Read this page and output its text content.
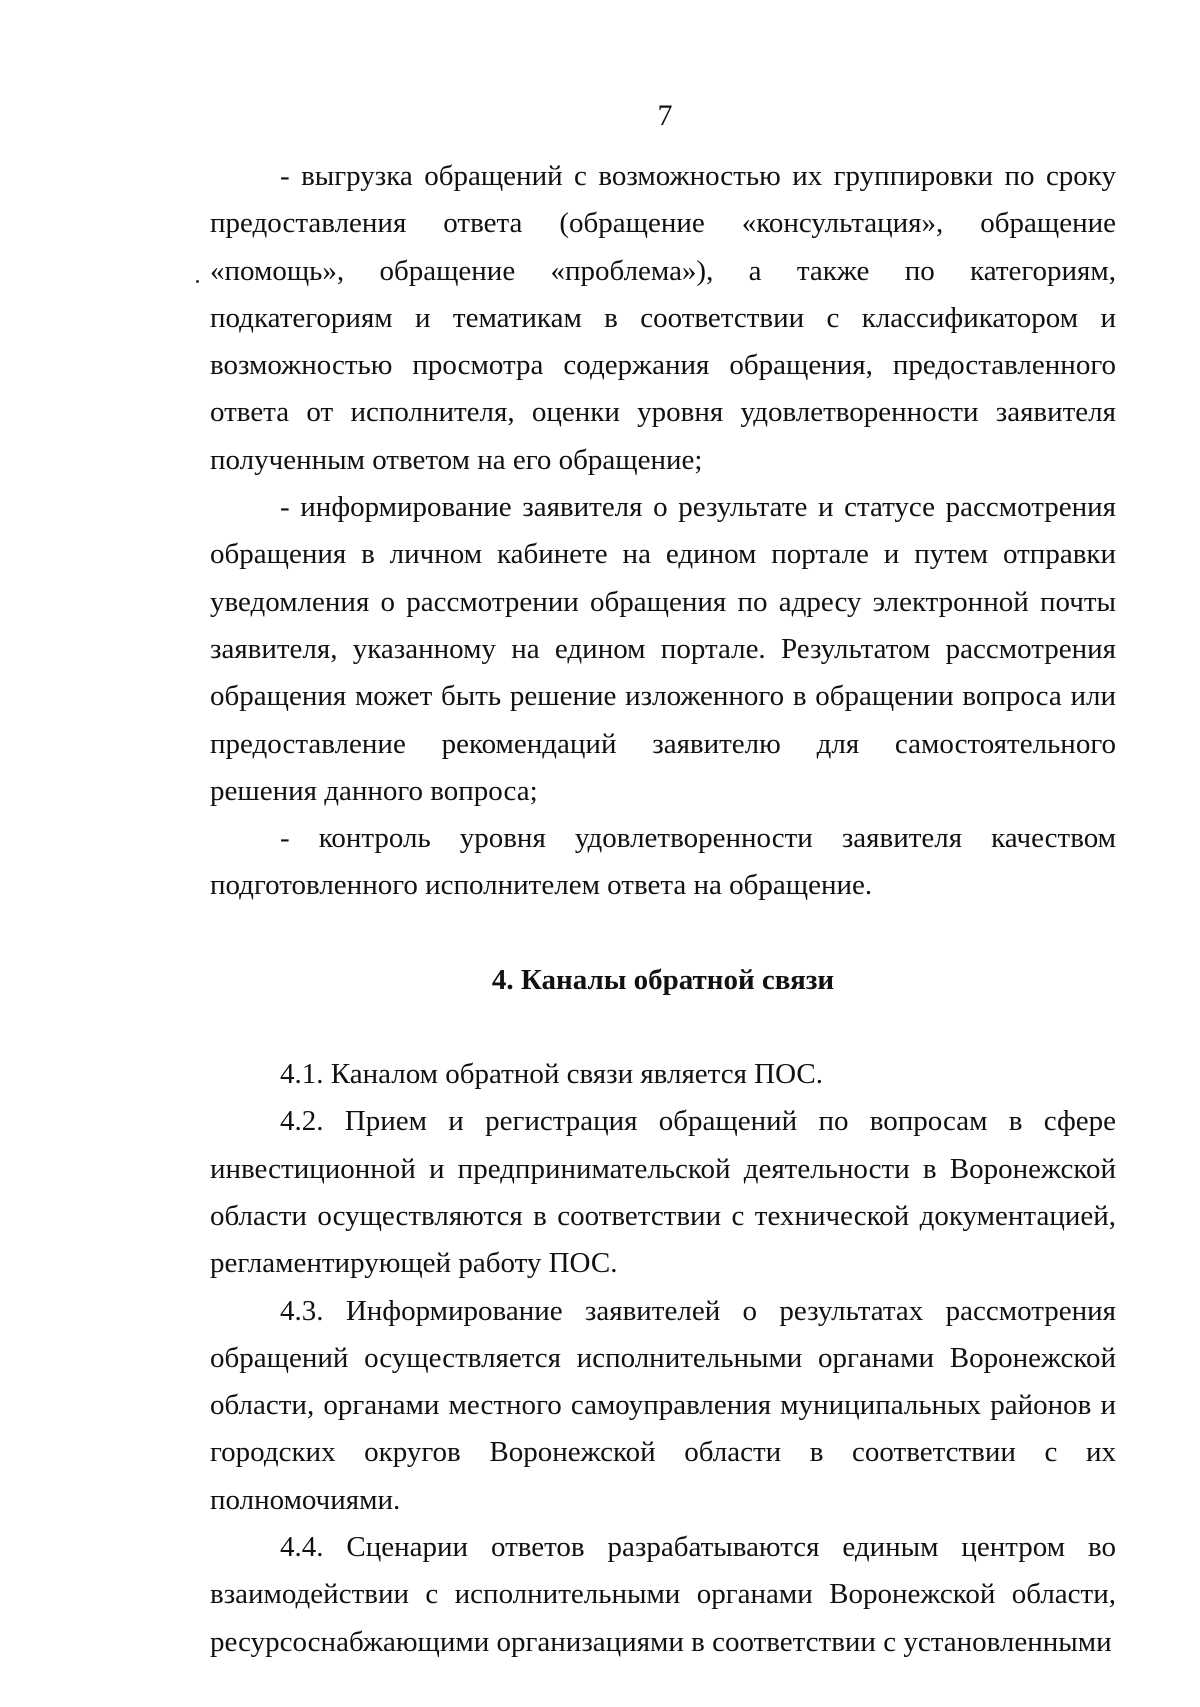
7

- выгрузка обращений с возможностью их группировки по сроку предоставления ответа (обращение «консультация», обращение «помощь», обращение «проблема»), а также по категориям, подкатегориям и тематикам в соответствии с классификатором и возможностью просмотра содержания обращения, предоставленного ответа от исполнителя, оценки уровня удовлетворенности заявителя полученным ответом на его обращение;

- информирование заявителя о результате и статусе рассмотрения обращения в личном кабинете на едином портале и путем отправки уведомления о рассмотрении обращения по адресу электронной почты заявителя, указанному на едином портале. Результатом рассмотрения обращения может быть решение изложенного в обращении вопроса или предоставление рекомендаций заявителю для самостоятельного решения данного вопроса;

- контроль уровня удовлетворенности заявителя качеством подготовленного исполнителем ответа на обращение.

4. Каналы обратной связи

4.1. Каналом обратной связи является ПОС.

4.2. Прием и регистрация обращений по вопросам в сфере инвестиционной и предпринимательской деятельности в Воронежской области осуществляются в соответствии с технической документацией, регламентирующей работу ПОС.

4.3. Информирование заявителей о результатах рассмотрения обращений осуществляется исполнительными органами Воронежской области, органами местного самоуправления муниципальных районов и городских округов Воронежской области в соответствии с их полномочиями.

4.4. Сценарии ответов разрабатываются единым центром во взаимодействии с исполнительными органами Воронежской области, ресурсоснабжающими организациями в соответствии с установленными
